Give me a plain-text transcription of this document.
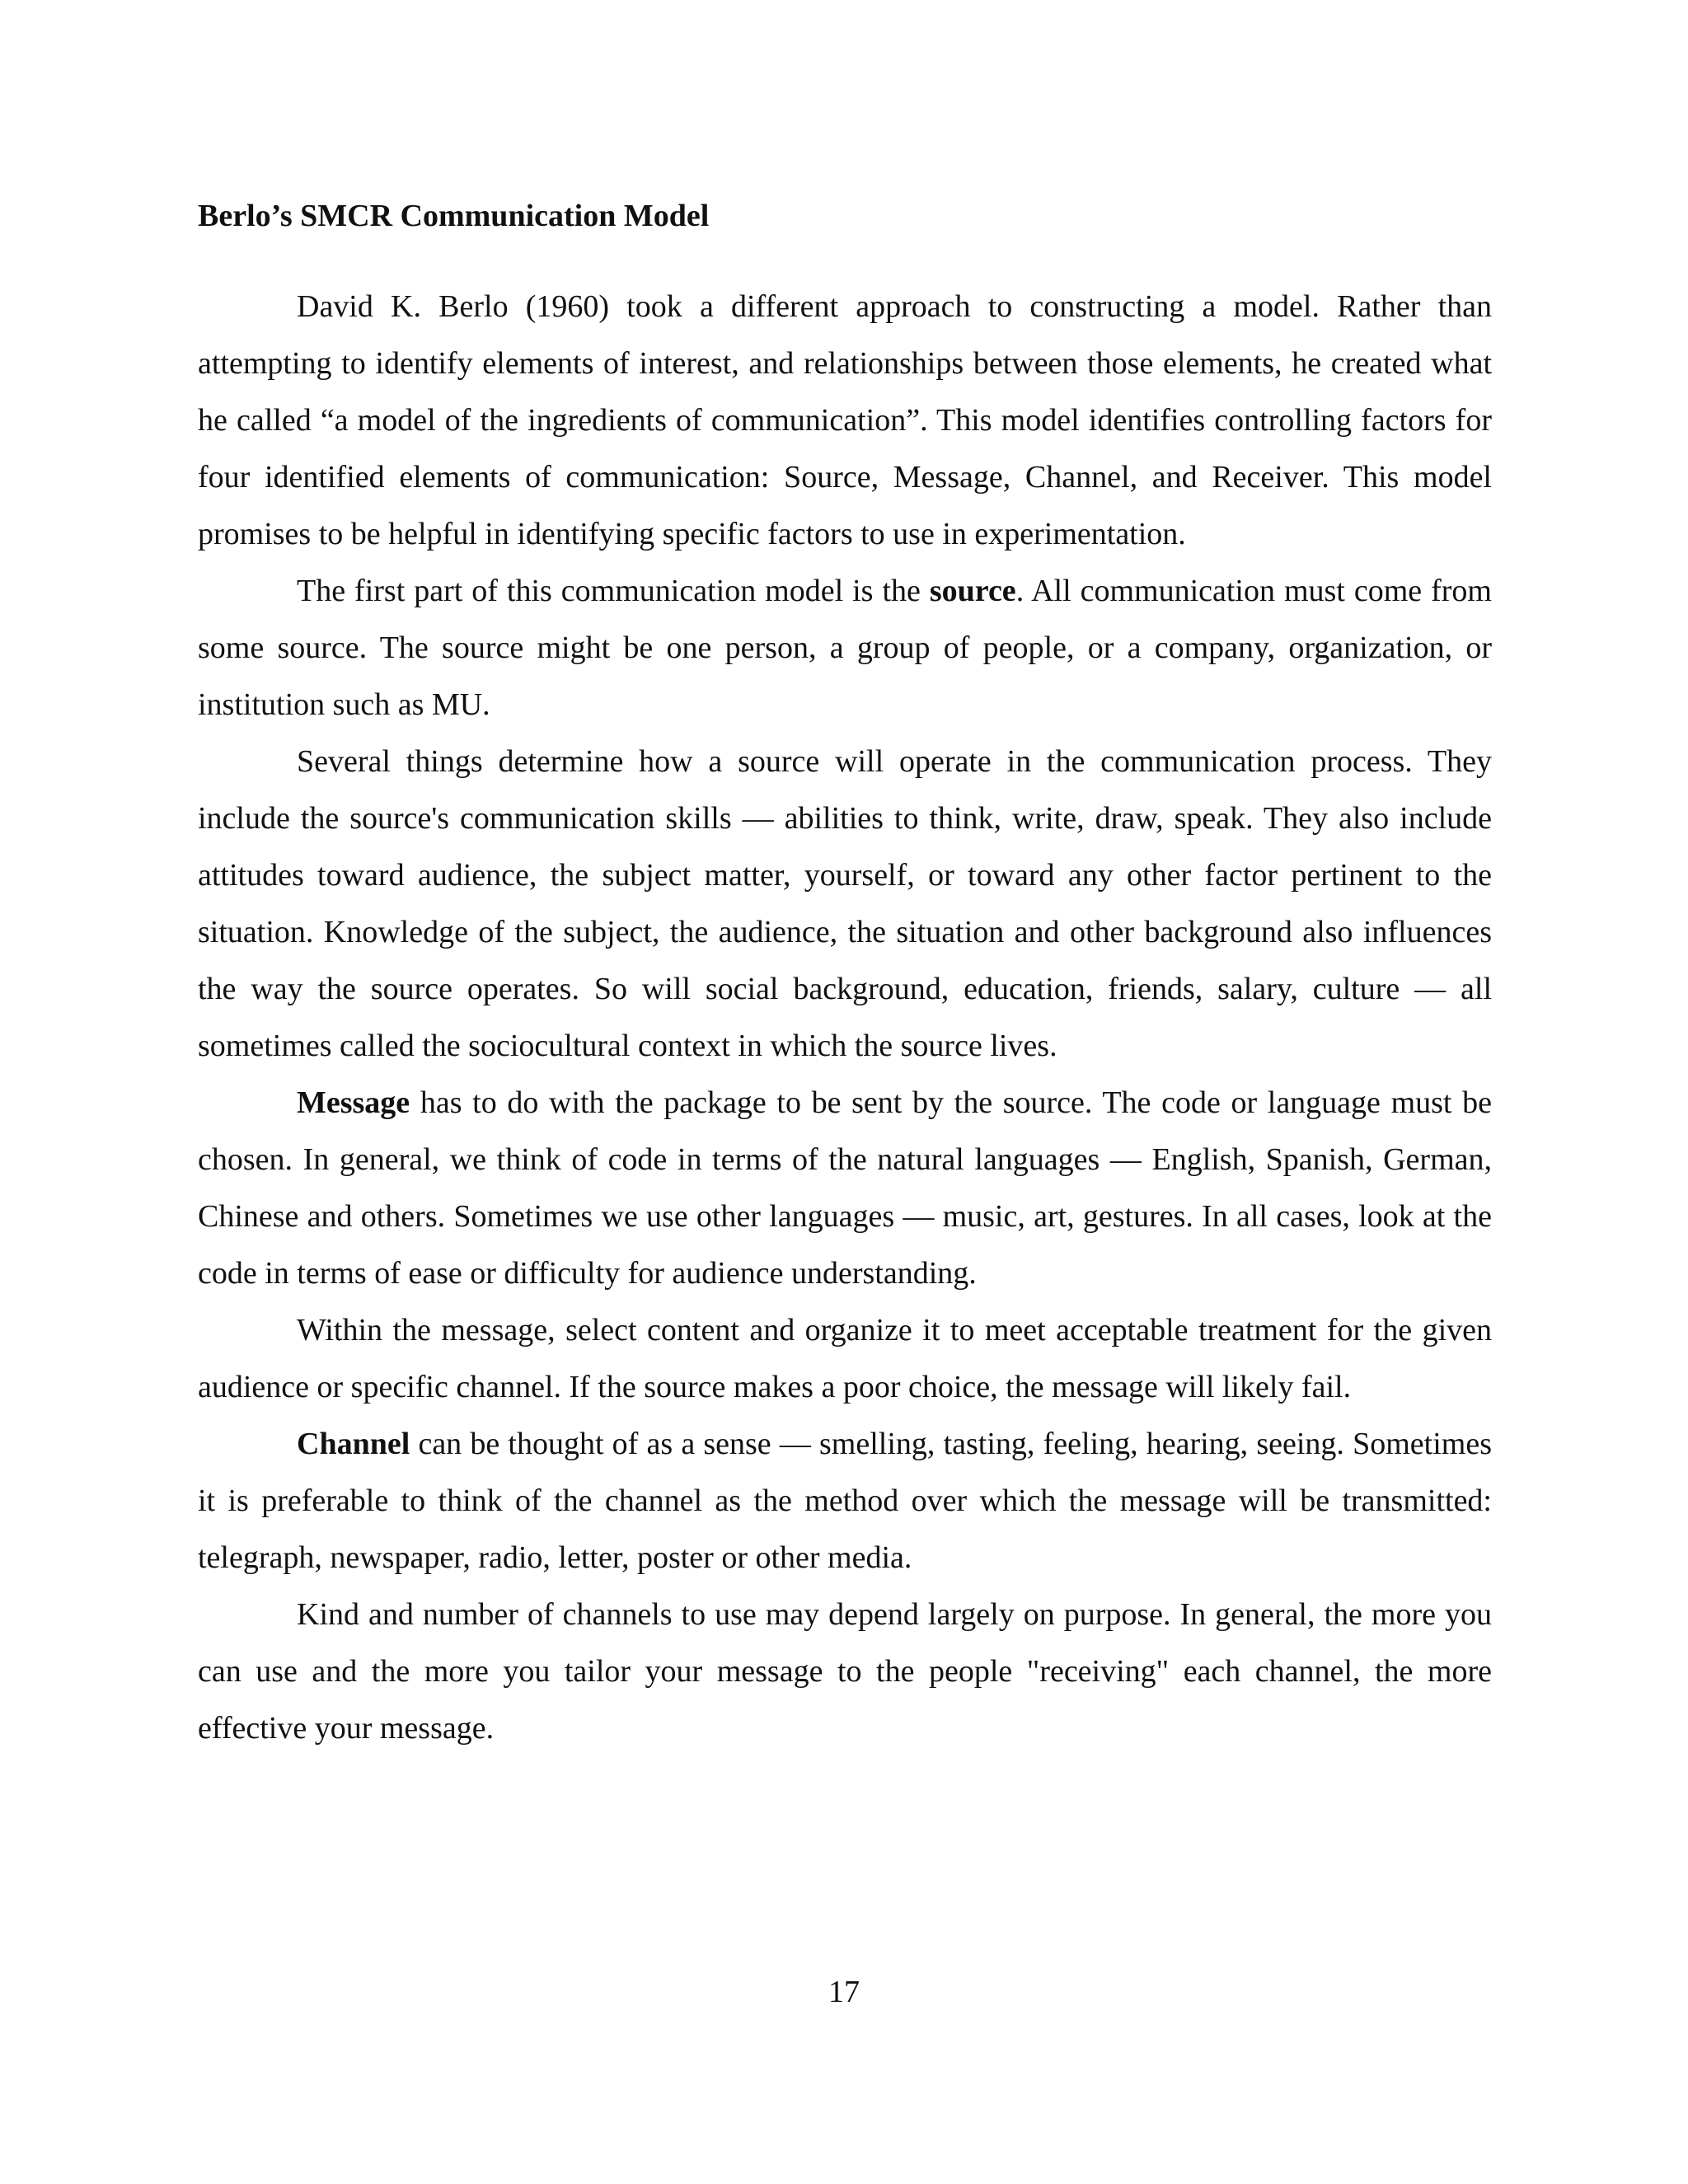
Berlo’s SMCR Communication Model

David K. Berlo (1960) took a different approach to constructing a model. Rather than attempting to identify elements of interest, and relationships between those elements, he created what he called “a model of the ingredients of communication”. This model identifies controlling factors for four identified elements of communication: Source, Message, Channel, and Receiver. This model promises to be helpful in identifying specific factors to use in experimentation.

The first part of this communication model is the source. All communication must come from some source. The source might be one person, a group of people, or a company, organization, or institution such as MU.

Several things determine how a source will operate in the communication process. They include the source's communication skills — abilities to think, write, draw, speak. They also include attitudes toward audience, the subject matter, yourself, or toward any other factor pertinent to the situation. Knowledge of the subject, the audience, the situation and other background also influences the way the source operates. So will social background, education, friends, salary, culture — all sometimes called the sociocultural context in which the source lives.

Message has to do with the package to be sent by the source. The code or language must be chosen. In general, we think of code in terms of the natural languages — English, Spanish, German, Chinese and others. Sometimes we use other languages — music, art, gestures. In all cases, look at the code in terms of ease or difficulty for audience understanding.

Within the message, select content and organize it to meet acceptable treatment for the given audience or specific channel. If the source makes a poor choice, the message will likely fail.

Channel can be thought of as a sense — smelling, tasting, feeling, hearing, seeing. Sometimes it is preferable to think of the channel as the method over which the message will be transmitted: telegraph, newspaper, radio, letter, poster or other media.

Kind and number of channels to use may depend largely on purpose. In general, the more you can use and the more you tailor your message to the people "receiving" each channel, the more effective your message.

17
